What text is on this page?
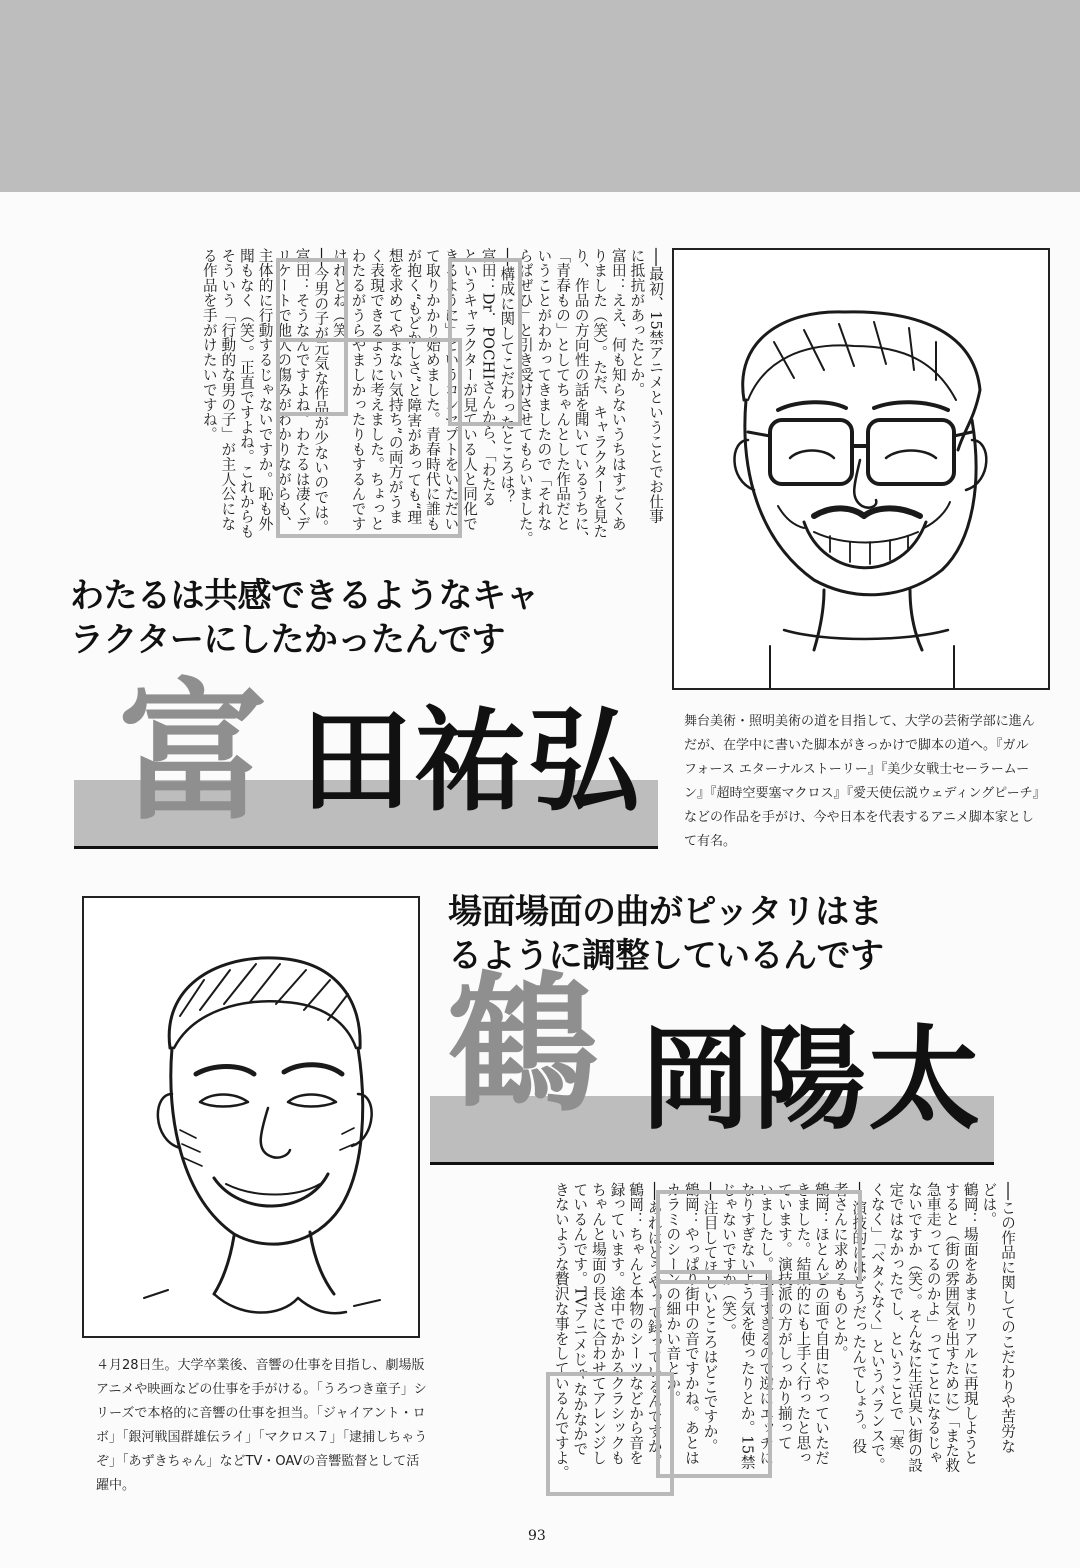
──最初、15禁アニメということでお仕事

に抵抗があったとか。

富田：ええ、何も知らないうちはすごくあ

りました（笑）。ただ、キャラクターを見た

り、作品の方向性の話を聞いているうちに、

「青春もの」としてちゃんとした作品だと

いうことがわかってきましたので「それな

らばぜひ」と引き受けさせてもらいました。

──構成に関してこだわったところは？

富田：Dr．POCHIさんから、「わたる

というキャラクターが見ている人と同化で

きるように」というコンセプトをいただい

て取りかかり始めました。青春時代に誰も

が抱く“もどかしさ”と障害があっても“理

想を求めてやまない気持ち”の両方がうま

く表現できるように考えました。ちょっと

わたるがうらやましかったりもするんです

けれどね（笑）

──今男の子が元気な作品が少ないのでは。

富田：そうなんですよね。わたるは凄くデ

リケートで他人の傷みがわかりながらも、

主体的に行動するじゃないですか。恥も外

聞もなく（笑）。正直ですよね。これからも

そういう「行動的な男の子」が主人公にな

る作品を手がけたいですね。

わたるは共感できるようなキャ
ラクターにしたかったんです
富 田祐弘	舞台美術・照明美術の道を目指して、大学の芸術学部に進んだが、在学中に書いた脚本がきっかけで脚本の道へ。『ガルフォース エターナルストーリー』『美少女戦士セーラームーン』『超時空要塞マクロス』『愛天使伝説ウェディングピーチ』などの作品を手がけ、今や日本を代表するアニメ脚本家として有名。
場面場面の曲がピッタリはま
るように調整しているんです
鶴 岡陽太
４月28日生。大学卒業後、音響の仕事を目指し、劇場版アニメや映画などの仕事を手がける。「うろつき童子」シリーズで本格的に音響の仕事を担当。「ジャイアント・ロボ」「銀河戦国群雄伝ライ」「マクロス７」「逮捕しちゃうぞ」「あずきちゃん」などTV・OAVの音響監督として活躍中。

──この作品に関してのこだわりや苦労な

どは。

鶴岡：場面をあまりリアルに再現しようと

すると（街の雰囲気を出すために）「また救

急車走ってるのかよ」ってことになるじゃ

ないですか（笑）。そんなに生活臭い街の設

定ではなかったでし、ということで「寒

くなく」「ベタぐなく」というバランスで。

──演技的にはどうだったんでしょう。役

者さんに求めるものとか。

鶴岡：ほとんどの面で自由にやっていただ

きました。結果的にも上手く行ったと思っ

ています。演技派の方がしっかり揃って

いましたし。上手すぎるので逆にエッチに

なりすぎないよう気を使ったりとか。15禁

じゃないですか（笑）。

──注目してほしいところはどこですか。

鶴岡：やっぱり街中の音ですかね。あとは

カラミのシーンの細かい音とか。

──あれはどうやって録っているんですか。

鶴岡：ちゃんと本物のシーツなどから音を

録っています。途中でかかるクラシックも

ちゃんと場面の長さに合わせてアレンジし

ているんです。TVアニメじゃなかなかで

きないような贅沢な事をしているんですよ。

93
